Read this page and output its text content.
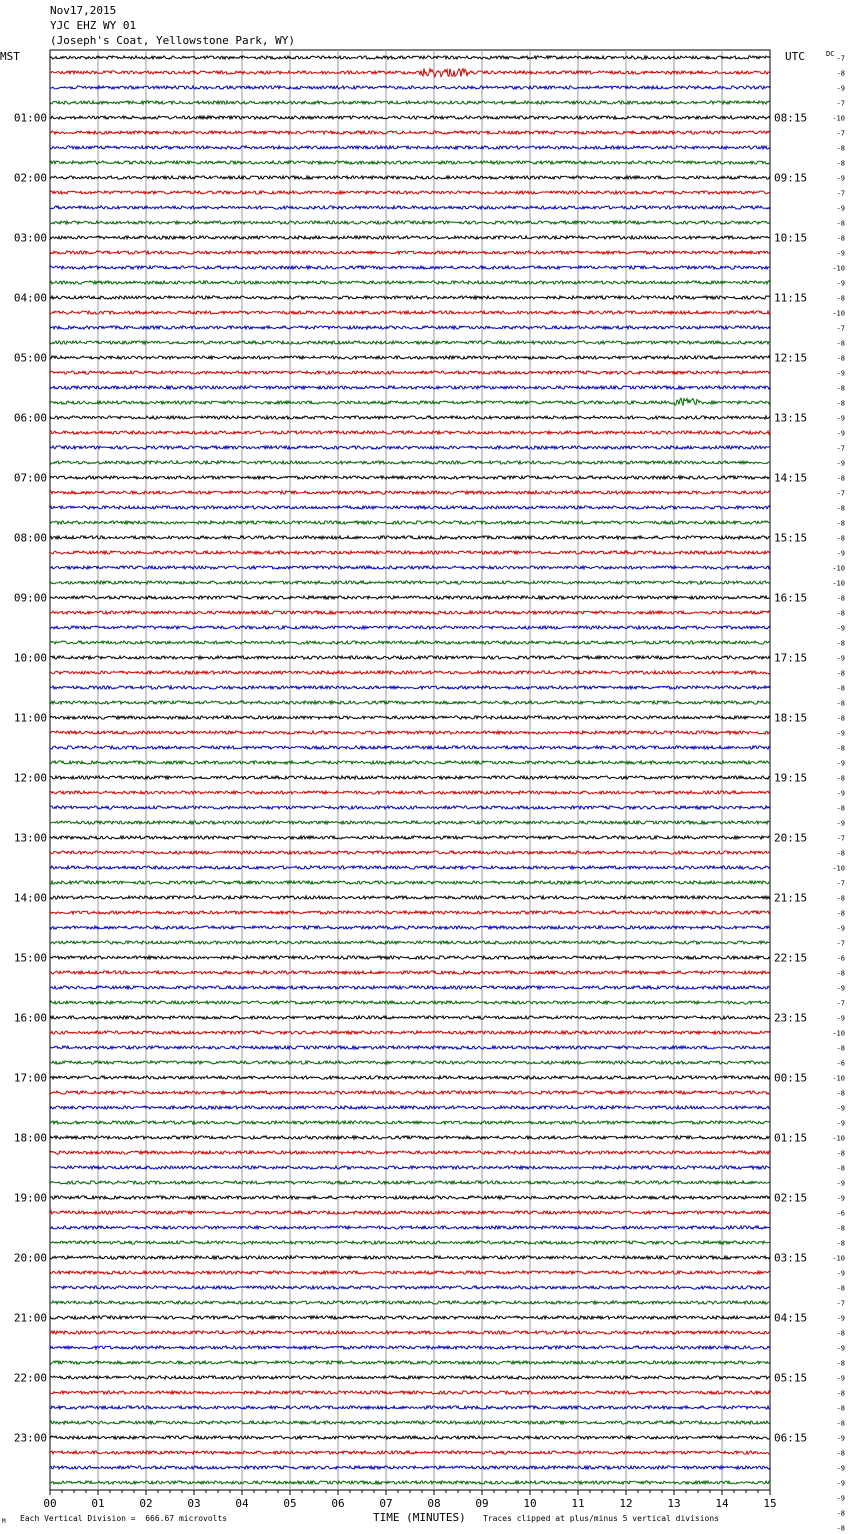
Nov17,2015
YJC EHZ WY 01
(Joseph's Coat, Yellowstone Park, WY)
MST	UTC
01:00
02:00
03:00
04:00
05:00
06:00
07:00
08:00
09:00
10:00
11:00
12:00
13:00
14:00
15:00
16:00
17:00
18:00
19:00
20:00
21:00
22:00
23:00
08:15
09:15
10:15
11:15
12:15
13:15
14:15
15:15
16:15
17:15
18:15
19:15
20:15
21:15
22:15
23:15
00:15
01:15
02:15
03:15
04:15
05:15
06:15
DC
-7
-8
-9
-7
-10
-7
-8
-8
-9
-7
-9
-8
-8
-9
-10
-9
-8
-10
-7
-8
-8
-9
-8
-8
-9
-9
-7
-9
-8
-7
-8
-8
-8
-9
-10
-10
-8
-8
-9
-8
-9
-8
-8
-8
-8
-9
-8
-9
-8
-9
-8
-9
-7
-8
-10
-7
-8
-8
-9
-7
-6
-8
-9
-7
-9
-10
-8
-6
-10
-8
-9
-9
-10
-8
-8
-9
-9
-6
-8
-8
-10
-9
-8
-7
-9
-8
-9
-8
-9
-8
-8
-8
-9
-8
-9
-9
-9
-8
-8
00	01	02	03	04	05	06	07	08	09	10	11	12	13	14	15
Each Vertical Division =  666.67 microvolts	TIME (MINUTES) Traces clipped at plus/minus 5 vertical divisions
M
